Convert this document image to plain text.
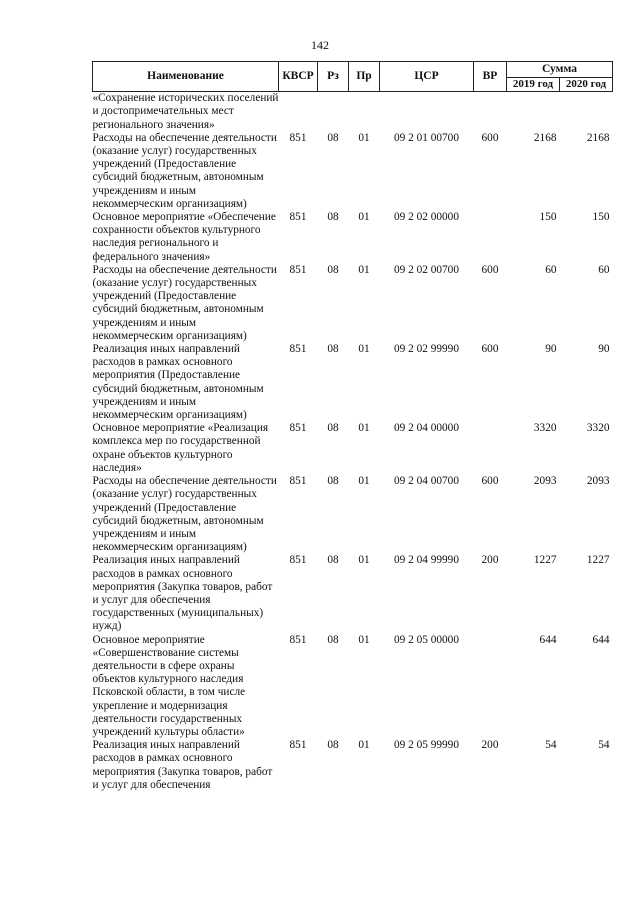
142
Наименование	КВСР	Рз	Пр	ЦСР	ВР	Сумма	
						2019 год	2020 год
«Сохранение исторических поселений и достопримечательных мест регионального значения»							
Расходы на обеспечение деятельности (оказание услуг) государственных учреждений (Предоставление субсидий бюджетным, автономным учреждениям и иным некоммерческим организациям)	851	08	01	09 2 01 00700	600	2168	2168
Основное мероприятие «Обеспечение сохранности объектов культурного наследия регионального и федерального значения»	851	08	01	09 2 02 00000		150	150
Расходы на обеспечение деятельности (оказание услуг) государственных учреждений (Предоставление субсидий бюджетным, автономным учреждениям и иным некоммерческим организациям)	851	08	01	09 2 02 00700	600	60	60
Реализация иных направлений расходов в рамках основного мероприятия (Предоставление субсидий бюджетным, автономным учреждениям и иным некоммерческим организациям)	851	08	01	09 2 02 99990	600	90	90
Основное мероприятие «Реализация комплекса мер по государственной охране объектов культурного наследия»	851	08	01	09 2 04 00000		3320	3320
Расходы на обеспечение деятельности (оказание услуг) государственных учреждений (Предоставление субсидий бюджетным, автономным учреждениям и иным некоммерческим организациям)	851	08	01	09 2 04 00700	600	2093	2093
Реализация иных направлений расходов в рамках основного мероприятия (Закупка товаров, работ и услуг для обеспечения государственных (муниципальных) нужд)	851	08	01	09 2 04 99990	200	1227	1227
Основное мероприятие «Совершенствование системы деятельности в сфере охраны объектов культурного наследия Псковской области, в том числе укрепление и модернизация деятельности государственных учреждений культуры области»	851	08	01	09 2 05 00000		644	644
Реализация иных направлений расходов в рамках основного мероприятия (Закупка товаров, работ и услуг для обеспечения	851	08	01	09 2 05 99990	200	54	54
